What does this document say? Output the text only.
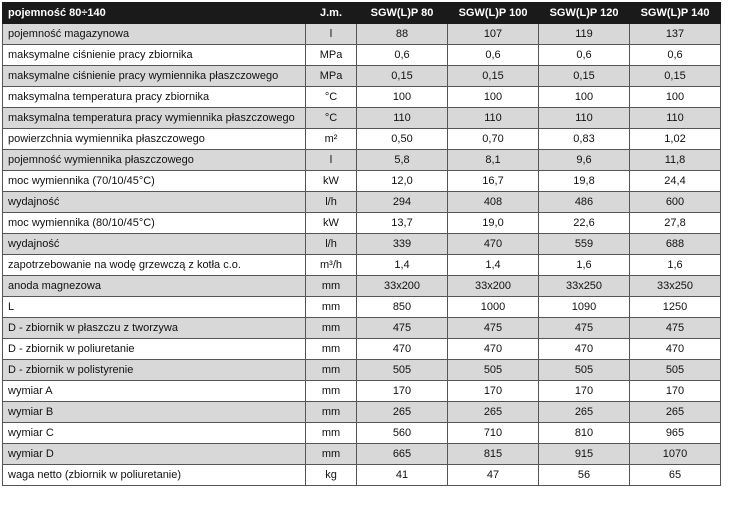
pojemność 80÷140	J.m.	SGW(L)P 80	SGW(L)P 100	SGW(L)P 120	SGW(L)P 140
pojemność magazynowa	l	88	107	119	137
maksymalne ciśnienie pracy zbiornika	MPa	0,6	0,6	0,6	0,6
maksymalne ciśnienie pracy wymiennika płaszczowego	MPa	0,15	0,15	0,15	0,15
maksymalna temperatura pracy zbiornika	°C	100	100	100	100
maksymalna temperatura pracy wymiennika płaszczowego	°C	110	110	110	110
powierzchnia wymiennika płaszczowego	m²	0,50	0,70	0,83	1,02
pojemność wymiennika płaszczowego	l	5,8	8,1	9,6	11,8
moc wymiennika (70/10/45°C)	kW	12,0	16,7	19,8	24,4
wydajność	l/h	294	408	486	600
moc wymiennika (80/10/45°C)	kW	13,7	19,0	22,6	27,8
wydajność	l/h	339	470	559	688
zapotrzebowanie na wodę grzewczą z kotła c.o.	m³/h	1,4	1,4	1,6	1,6
anoda magnezowa	mm	33x200	33x200	33x250	33x250
L	mm	850	1000	1090	1250
D - zbiornik w płaszczu z tworzywa	mm	475	475	475	475
D - zbiornik w poliuretanie	mm	470	470	470	470
D - zbiornik w polistyrenie	mm	505	505	505	505
wymiar A	mm	170	170	170	170
wymiar B	mm	265	265	265	265
wymiar C	mm	560	710	810	965
wymiar D	mm	665	815	915	1070
waga netto (zbiornik w poliuretanie)	kg	41	47	56	65
